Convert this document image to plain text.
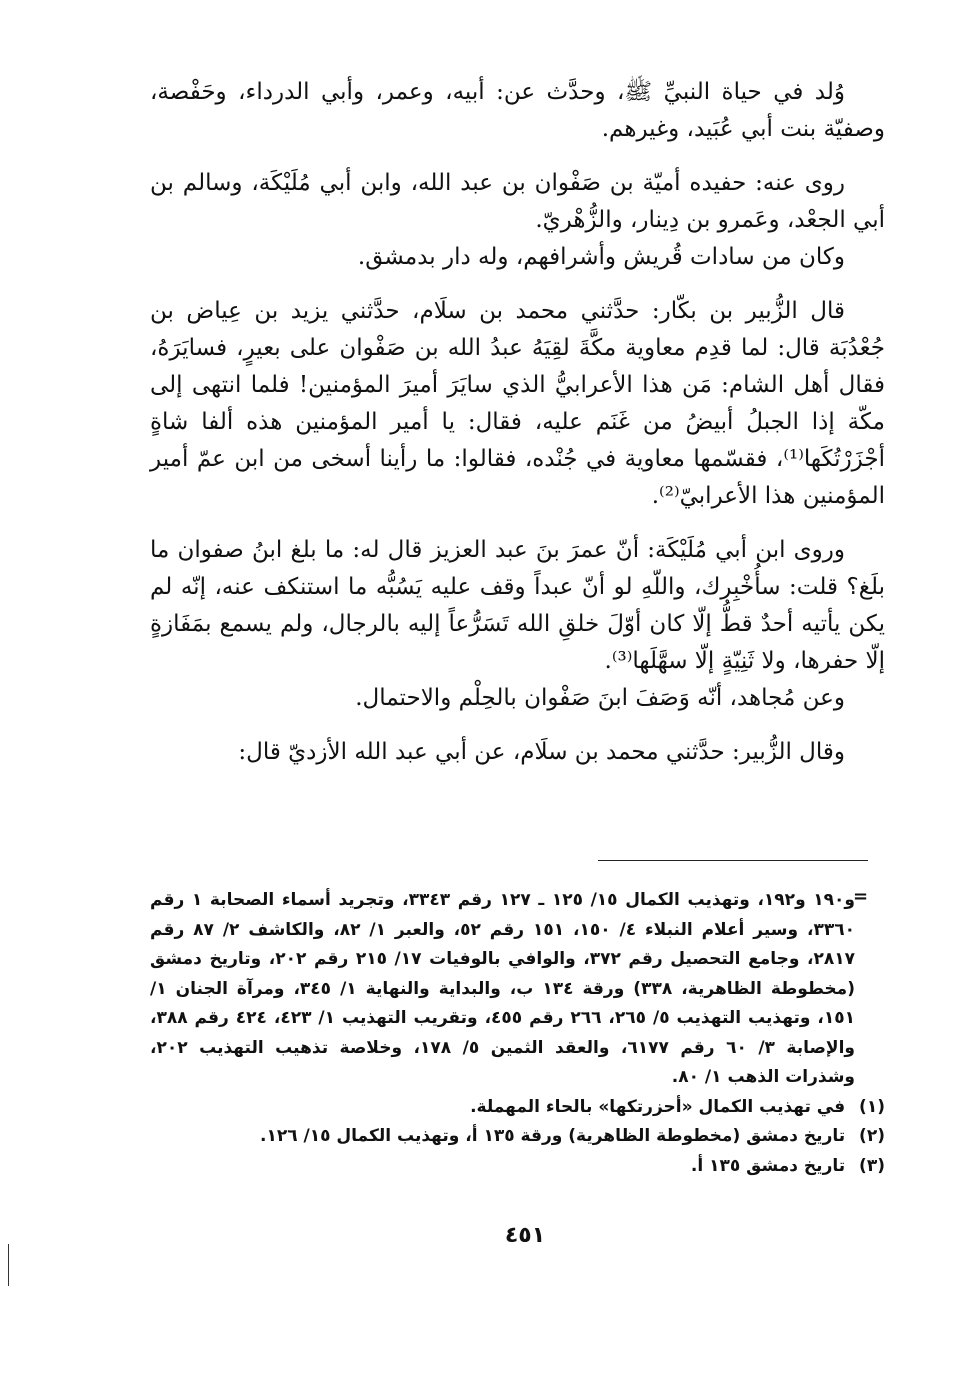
وُلد في حياة النبيِّ ﷺ، وحدَّث عن: أبيه، وعمر، وأبي الدرداء، وحَفْصة، وصفيّة بنت أبي عُبَيد، وغيرهم.

روى عنه: حفيده أميّة بن صَفْوان بن عبد الله، وابن أبي مُلَيْكَة، وسالم بن أبي الجعْد، وعَمرو بن دِينار، والزُّهْريّ.

وكان من سادات قُريش وأشرافهم، وله دار بدمشق.

قال الزُّبير بن بكّار: حدَّثني محمد بن سلَام، حدَّثني يزيد بن عِياض بن جُعْدُبَة قال: لما قدِم معاوية مكَّةَ لقِيَهُ عبدُ الله بن صَفْوان على بعيرٍ، فسايَرَهُ، فقال أهل الشام: مَن هذا الأعرابيُّ الذي سايَرَ أميرَ المؤمنين! فلما انتهى إلى مكّة إذا الجبلُ أبيضُ من غَنَم عليه، فقال: يا أمير المؤمنين هذه ألفا شاةٍ أجْزَرْتُكَها⁽¹⁾، فقسّمها معاوية في جُنْده، فقالوا: ما رأينا أسخى من ابن عمّ أمير المؤمنين هذا الأعرابيّ⁽²⁾.

وروى ابن أبي مُلَيْكَة: أنّ عمرَ بنَ عبد العزيز قال له: ما بلغ ابنُ صفوان ما بلَغ؟ قلت: سأُخْبِرك، واللّهِ لو أنّ عبداً وقف عليه يَسُبُّه ما استنكف عنه، إنّه لم يكن يأتيه أحدٌ قطُّ إلّا كان أوّلَ خلقِ الله تَسَرُّعاً إليه بالرجال، ولم يسمع بمَفَازةٍ إلّا حفرها، ولا ثَنِيّةٍ إلّا سهَّلَها⁽³⁾.

وعن مُجاهد، أنّه وَصَفَ ابنَ صَفْوان بالحِلْم والاحتمال.

وقال الزُّبير: حدَّثني محمد بن سلَام، عن أبي عبد الله الأزديّ قال:

=

و١٩٠ و١٩٢، وتهذيب الكمال ١٥/ ١٢٥ ـ ١٢٧ رقم ٣٣٤٣، وتجريد أسماء الصحابة ١ رقم ٣٣٦٠، وسير أعلام النبلاء ٤/ ١٥٠، ١٥١ رقم ٥٢، والعبر ١/ ٨٢، والكاشف ٢/ ٨٧ رقم ٢٨١٧، وجامع التحصيل رقم ٣٧٢، والوافي بالوفيات ١٧/ ٢١٥ رقم ٢٠٢، وتاريخ دمشق (مخطوطة الظاهرية، ٣٣٨) ورقة ١٣٤ ب، والبداية والنهاية ١/ ٣٤٥، ومرآة الجنان ١/ ١٥١، وتهذيب التهذيب ٥/ ٢٦٥، ٢٦٦ رقم ٤٥٥، وتقريب التهذيب ١/ ٤٢٣، ٤٢٤ رقم ٣٨٨، والإصابة ٣/ ٦٠ رقم ٦١٧٧، والعقد الثمين ٥/ ١٧٨، وخلاصة تذهيب التهذيب ٢٠٢، وشذرات الذهب ١/ ٨٠.

(١) في تهذيب الكمال «أحزرتكها» بالحاء المهملة.

(٢) تاريخ دمشق (مخطوطة الظاهرية) ورقة ١٣٥ أ، وتهذيب الكمال ١٥/ ١٢٦.

(٣) تاريخ دمشق ١٣٥ أ.

٤٥١
